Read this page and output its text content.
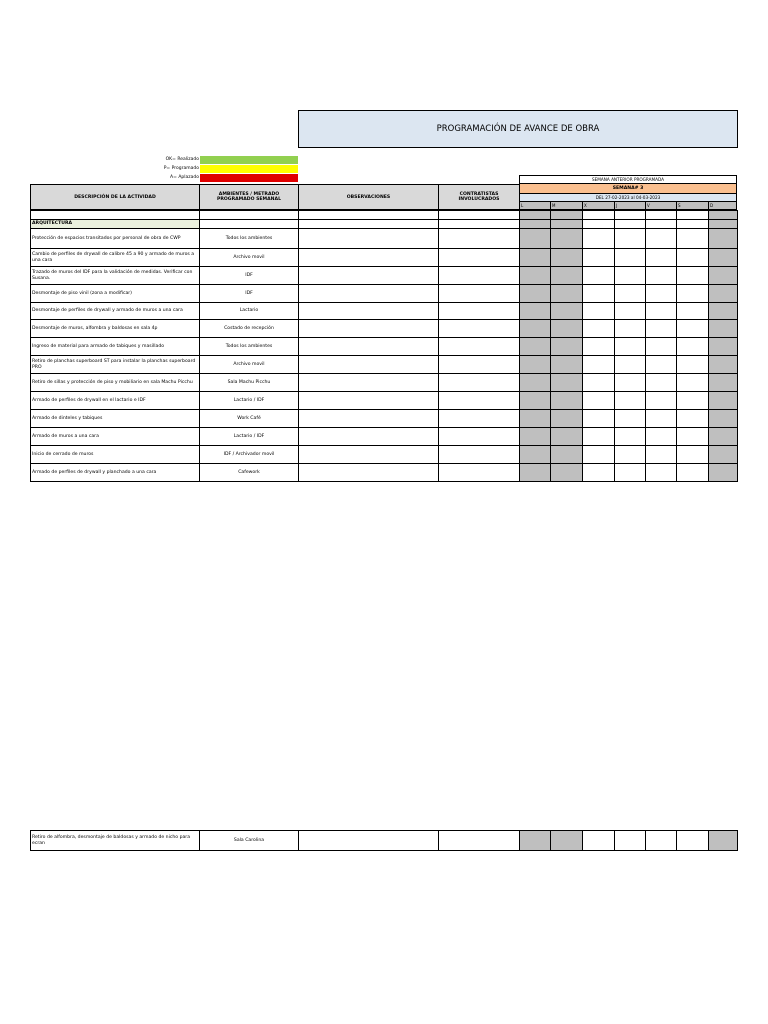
PROGRAMACIÓN DE AVANCE DE OBRA
OK= Realizado
P= Programado
A= Aplazado
DESCRIPCIÓN DE LA ACTIVIDAD	AMBIENTES / METRADO PROGRAMADO SEMANAL	OBSERVACIONES	CONTRATISTAS INVOLUCRADOS
SEMANA ANTERIOR PROGRAMADA
SEMANA# 3
DEL 27-02-2023 al 04-03-2023
L	M	X	J	V	S	D

ARQUITECTURA										
Protección de espacios transitados por personal de obra de CWP	Todos los ambientes									
Cambio de perfiles de drywall de calibre 45 a 90 y armado de muros a una cara	Archivo movil									
Trazado de muros del IDF para la validación de medidas. Verificar con Susana.	IDF									
Desmontaje de piso vinil (zona a modificar)	IDF									
Desmontaje de perfiles de drywall y armado de muros a una cara	Lactario									
Desmontaje de muros, alfombra y baldosas en sala 4p	Costado de recepción									
Ingreso de material para armado de tabiques y masillado	Todos los ambientes									
Retiro de planchas superboard ST para instalar la planchas superboard PRO	Archivo movil									
Retiro de sillas y protección de piso y mobiliario en sala Machu Picchu	Sala Machu Picchu									
Armado de perfiles de drywall en el lactario e IDF	Lactario / IDF									
Armado de dinteles y tabiques	Work Café									
Armado de muros a una cara	Lactario / IDF									
Inicio de cerrado de muros	IDF / Archivador movil									
Armado de perfiles de drywall y planchado a una cara	Cafework									
Retiro de alfombra, desmontaje de baldosas y armado de nicho para ecran	Sala Carolina									
